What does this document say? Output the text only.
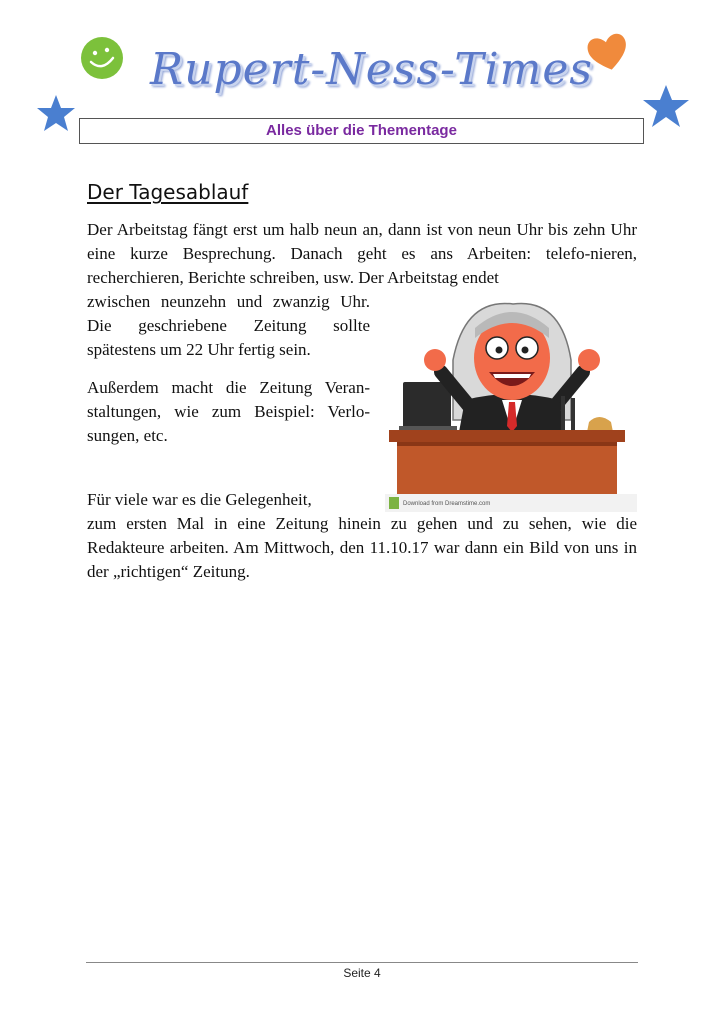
Rupert-Ness-Times
Alles über die Thementage
Der Tagesablauf

Der Arbeitstag fängt erst um halb neun an, dann ist von neun Uhr bis zehn Uhr eine kurze Besprechung. Danach geht es ans Arbeiten: telefo-nieren, recherchieren, Berichte schreiben, usw. Der Arbeitstag endet

zwischen neunzehn und zwanzig Uhr. Die geschriebene Zeitung sollte spätestens um 22 Uhr fertig sein.

Außerdem macht die Zeitung Veran-staltungen, wie zum Beispiel: Verlo-sungen, etc.

Für viele war es die Gelegenheit,

zum ersten Mal in eine Zeitung hinein zu gehen und zu sehen, wie die Redakteure arbeiten. Am Mittwoch, den 11.10.17 war dann ein Bild von uns in der „richtigen“ Zeitung.

Download from Dreamstime.com
Seite 4
